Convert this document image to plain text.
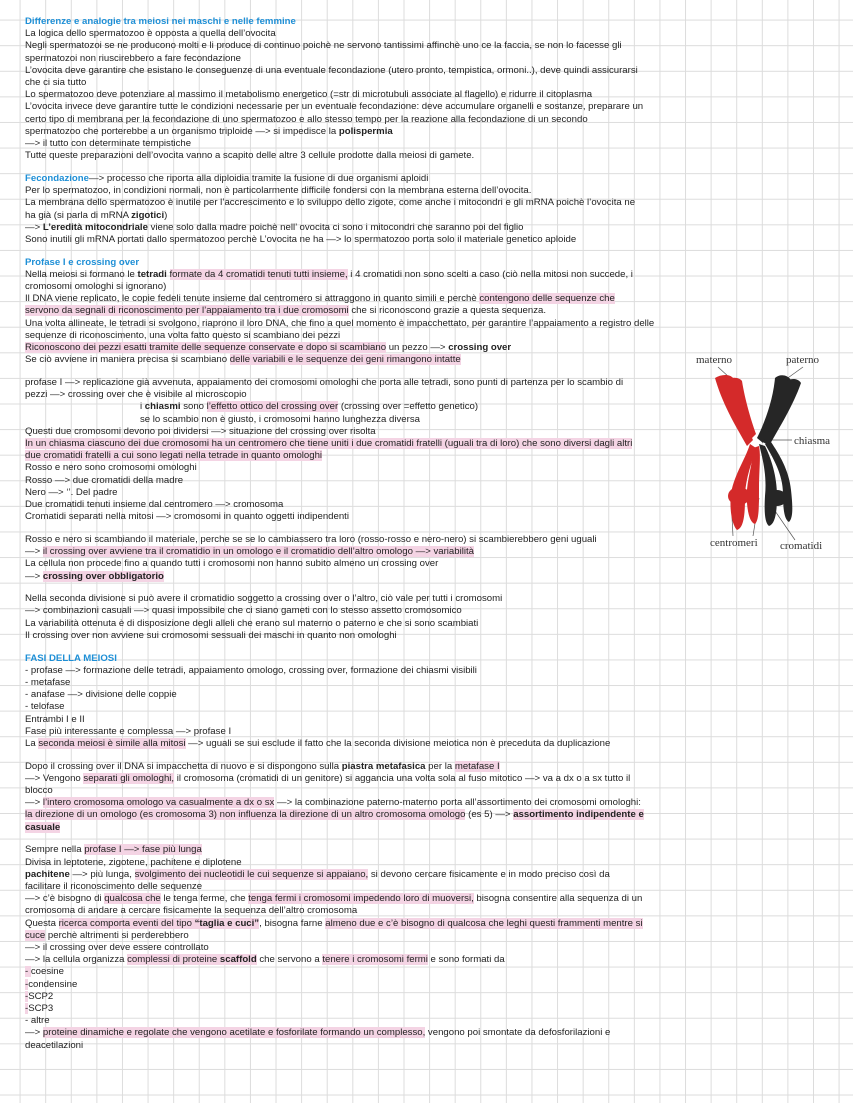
Differenze e analogie tra meiosi nei maschi e nelle femmine

La logica dello spermatozoo è opposta a quella dell’ovocita

Negli spermatozoi se ne producono molti e li produce di continuo poichè ne servono tantissimi affinchè uno ce la faccia, se non lo facesse gli

spermatozoi non riuscirebbero a fare fecondazione

L’ovocita deve garantire che esistano le conseguenze di una eventuale fecondazione (utero pronto, tempistica, ormoni..), deve quindi assicurarsi

che ci sia tutto

Lo spermatozoo deve potenziare al massimo il metabolismo energetico (=str di microtubuli associate al flagello) e ridurre il citoplasma

L’ovocita invece deve garantire tutte le condizioni necessarie per un eventuale fecondazione: deve accumulare organelli e sostanze, preparare un

certo tipo di membrana per la fecondazione di uno spermatozoo e allo stesso tempo per la reazione alla fecondazione di un secondo

spermatozoo che porterebbe a un organismo triploide —> si impedisce la polispermia

—> il tutto con determinate tempistiche

Tutte queste preparazioni dell’ovocita vanno a scapito delle altre 3 cellule prodotte dalla meiosi di gamete.

Fecondazione—> processo che riporta alla diploidia tramite la fusione di due organismi aploidi

Per lo spermatozoo, in condizioni normali, non è particolarmente difficile fondersi con la membrana esterna dell’ovocita.

La membrana dello spermatozoo è inutile per l’accrescimento e lo sviluppo dello zigote, come anche i mitocondri e gli mRNA poichè l’ovocita ne

ha già (si parla di mRNA zigotici)

—> L’eredità mitocondriale viene solo dalla madre poichè nell’ ovocita ci sono i mitocondri che saranno poi del figlio

Sono inutili gli mRNA portati dallo spermatozoo perchè L’ovocita ne ha —> lo spermatozoo porta solo il materiale genetico aploide

Profase I e crossing over

Nella meiosi si formano le tetradi formate da 4 cromatidi tenuti tutti insieme, i 4 cromatidi non sono scelti a caso (ciò nella mitosi non succede, i

cromosomi omologhi si ignorano)

Il DNA viene replicato, le copie fedeli tenute insieme dal centromero si attraggono in quanto simili e perchè contengono delle sequenze che

servono da segnali di riconoscimento per l’appaiamento tra i due cromosomi che si riconoscono grazie a questa sequenza.

Una volta allineate, le tetradi si svolgono, riaprono il loro DNA, che fino a quel momento è impacchettato, per garantire l’appaiamento a registro delle

sequenze di riconoscimento, una volta fatto questo si scambiano dei pezzi

Riconoscono dei pezzi esatti tramite delle sequenze conservate e dopo si scambiano un pezzo —> crossing over

Se ciò avviene in maniera precisa si scambiano delle variabili e le sequenze dei geni rimangono intatte

profase I —> replicazione già avvenuta, appaiamento dei cromosomi omologhi che porta alle tetradi, sono punti di partenza per lo scambio di

pezzi —> crossing over che è visibile al microscopio

i chiasmi sono l’effetto ottico del crossing over (crossing over =effetto genetico)

se lo scambio non è giusto, i cromosomi hanno lunghezza diversa

Questi due cromosomi devono poi dividersi —> situazione del crossing over risolta

In un chiasma ciascuno dei due cromosomi ha un centromero che tiene uniti i due cromatidi fratelli (uguali tra di loro) che sono diversi dagli altri

due cromatidi fratelli a cui sono legati nella tetrade in quanto omologhi

Rosso e nero sono cromosomi omologhi

Rosso —> due cromatidi della madre

Nero —> ‘’. Del padre

Due cromatidi tenuti insieme dal centromero —> cromosoma

Cromatidi separati nella mitosi —> cromosomi in quanto oggetti indipendenti

Rosso e nero si scambiando il materiale, perche se se lo cambiassero tra loro (rosso-rosso e nero-nero) si scambierebbero geni uguali

—> il crossing over avviene tra il cromatidio in un omologo e il cromatidio dell’altro omologo —> variabilità

La cellula non procede fino a quando tutti i cromosomi non hanno subito almeno un crossing over

—> crossing over obbligatorio

Nella seconda divisione si può avere il cromatidio soggetto a crossing over o l’altro, ciò vale per tutti i cromosomi

—> combinazioni casuali —> quasi impossibile che ci siano gameti con lo stesso assetto cromosomico

La variabilità ottenuta è di disposizione degli alleli che erano sul materno o paterno e che si sono scambiati

Il crossing over non avviene sui cromosomi sessuali dei maschi in quanto non omologhi

FASI DELLA MEIOSI

- profase —> formazione delle tetradi, appaiamento omologo, crossing over, formazione dei chiasmi visibili

- metafase

- anafase —> divisione delle coppie

- telofase

Entrambi I e II

Fase più interessante e complessa —> profase I

La seconda meiosi è simile alla mitosi —> uguali se sui esclude il fatto che la seconda divisione meiotica non è preceduta da duplicazione

Dopo il crossing over il DNA si impacchetta di nuovo e si dispongono sulla piastra metafasica per la metafase I

—> Vengono separati gli omologhi, il cromosoma (cromatidi di un genitore) si aggancia una volta sola al fuso mitotico —> va a dx o a sx tutto il

blocco

—> l’intero cromosoma omologo va casualmente a dx o sx —> la combinazione paterno-materno porta all’assortimento dei cromosomi omologhi:

la direzione di un omologo (es cromosoma 3) non influenza la direzione di un altro cromosoma omologo (es 5) —> assortimento indipendente e

casuale

Sempre nella profase I —> fase più lunga

Divisa in leptotene, zigotene, pachitene e diplotene

pachitene —> più lunga, svolgimento dei nucleotidi le cui sequenze si appaiano, si devono cercare fisicamente e in modo preciso così da

facilitare il riconoscimento delle sequenze

—> c’è bisogno di qualcosa che le tenga ferme, che tenga fermi i cromosomi impedendo loro di muoversi, bisogna consentire alla sequenza di un

cromosoma di andare a cercare fisicamente la sequenza dell’altro cromosoma

Questa ricerca comporta eventi del tipo “taglia e cuci”, bisogna farne almeno due e c’è bisogno di qualcosa che leghi questi frammenti mentre si

cuce perchè altrimenti si perderebbero

—> il crossing over deve essere controllato

—> la cellula organizza complessi di proteine scaffold che servono a tenere i cromosomi fermi e sono formati da

- coesine

-condensine

-SCP2

-SCP3

- altre

—> proteine dinamiche e regolate che vengono acetilate e fosforilate formando un complesso, vengono poi smontate da defosforilazioni e

deacetilazioni

materno	paterno
chiasma
centromeri cromatidi
